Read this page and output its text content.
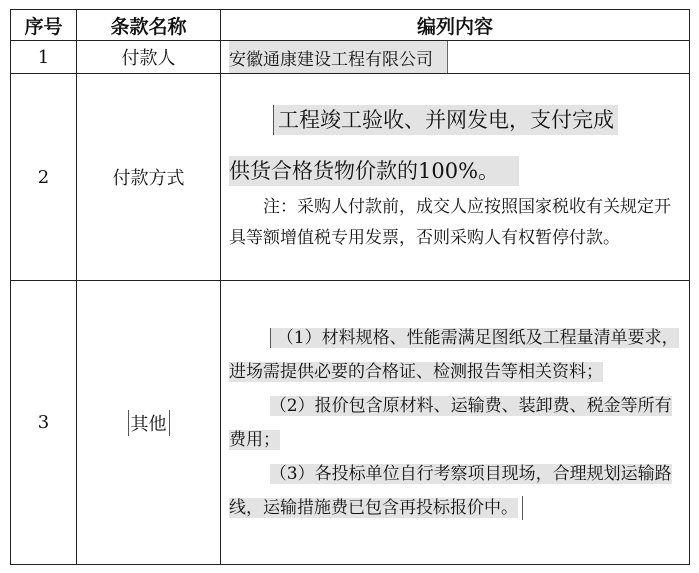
序号	条款名称	编列内容
1	付款人	安徽通康建设工程有限公司
2	付款方式	工程竣工验收、并网发电，支付完成
供货合格货物价款的100%。

注：采购人付款前，成交人应按照国家税收有关规定开具等额增值税专用发票，否则采购人有权暂停付款。

3	其他	（1）材料规格、性能需满足图纸及工程量清单要求，进场需提供必要的合格证、检测报告等相关资料；

（2）报价包含原材料、运输费、装卸费、税金等所有费用；

（3）各投标单位自行考察项目现场，合理规划运输路线，运输措施费已包含再投标报价中。
